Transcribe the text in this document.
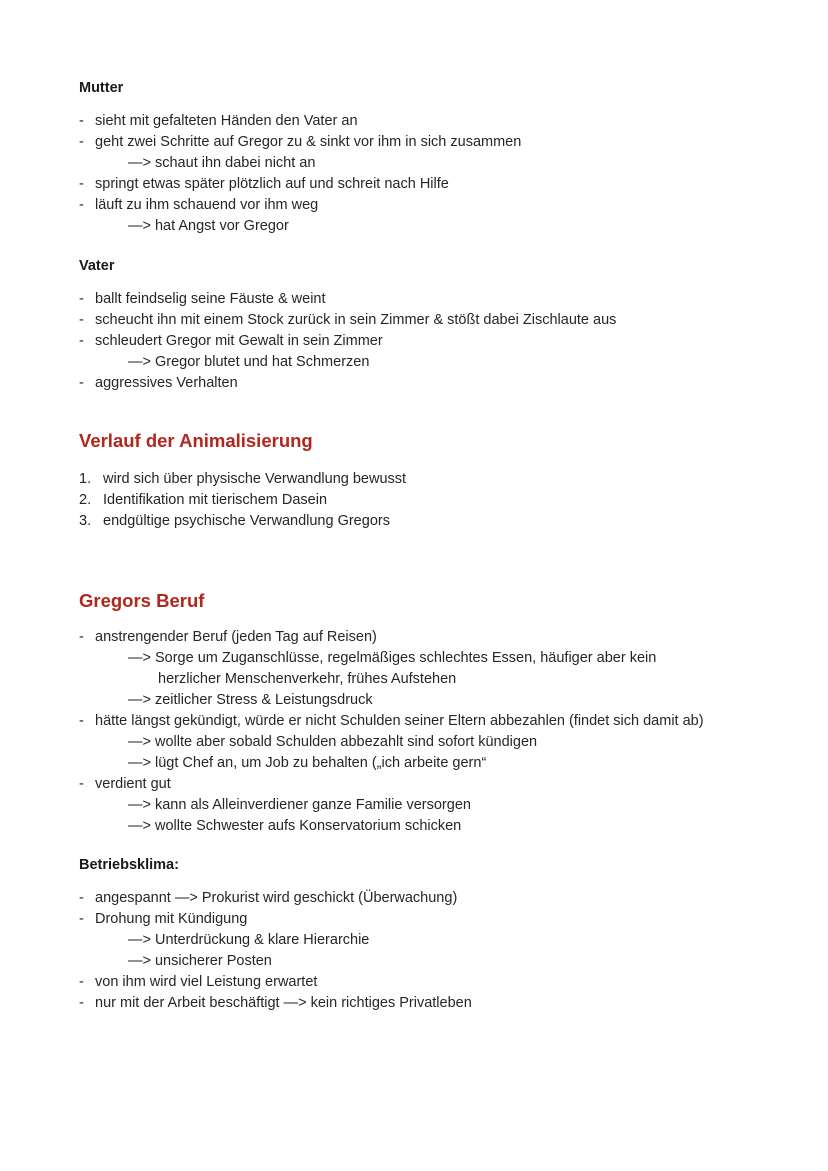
Mutter
- sieht mit gefalteten Händen den Vater an
- geht zwei Schritte auf Gregor zu & sinkt vor ihm in sich zusammen
—> schaut ihn dabei nicht an
- springt etwas später plötzlich auf und schreit nach Hilfe
- läuft zu ihm schauend vor ihm weg
—> hat Angst vor Gregor
Vater
- ballt feindselig seine Fäuste & weint
- scheucht ihn mit einem Stock zurück in sein Zimmer & stößt dabei Zischlaute aus
- schleudert Gregor mit Gewalt in sein Zimmer
—> Gregor blutet und hat Schmerzen
- aggressives Verhalten
Verlauf der Animalisierung
1. wird sich über physische Verwandlung bewusst
2. Identifikation mit tierischem Dasein
3. endgültige psychische Verwandlung Gregors
Gregors Beruf
- anstrengender Beruf (jeden Tag auf Reisen)
—> Sorge um Zuganschlüsse, regelmäßiges schlechtes Essen, häufiger aber kein
herzlicher Menschenverkehr, frühes Aufstehen
—> zeitlicher Stress & Leistungsdruck
- hätte längst gekündigt, würde er nicht Schulden seiner Eltern abbezahlen (findet sich damit ab)
—> wollte aber sobald Schulden abbezahlt sind sofort kündigen
—> lügt Chef an, um Job zu behalten („ich arbeite gern“
- verdient gut
—> kann als Alleinverdiener ganze Familie versorgen
—> wollte Schwester aufs Konservatorium schicken
Betriebsklima:
- angespannt —> Prokurist wird geschickt (Überwachung)
- Drohung mit Kündigung
—> Unterdrückung & klare Hierarchie
—> unsicherer Posten
- von ihm wird viel Leistung erwartet
- nur mit der Arbeit beschäftigt —> kein richtiges Privatleben
